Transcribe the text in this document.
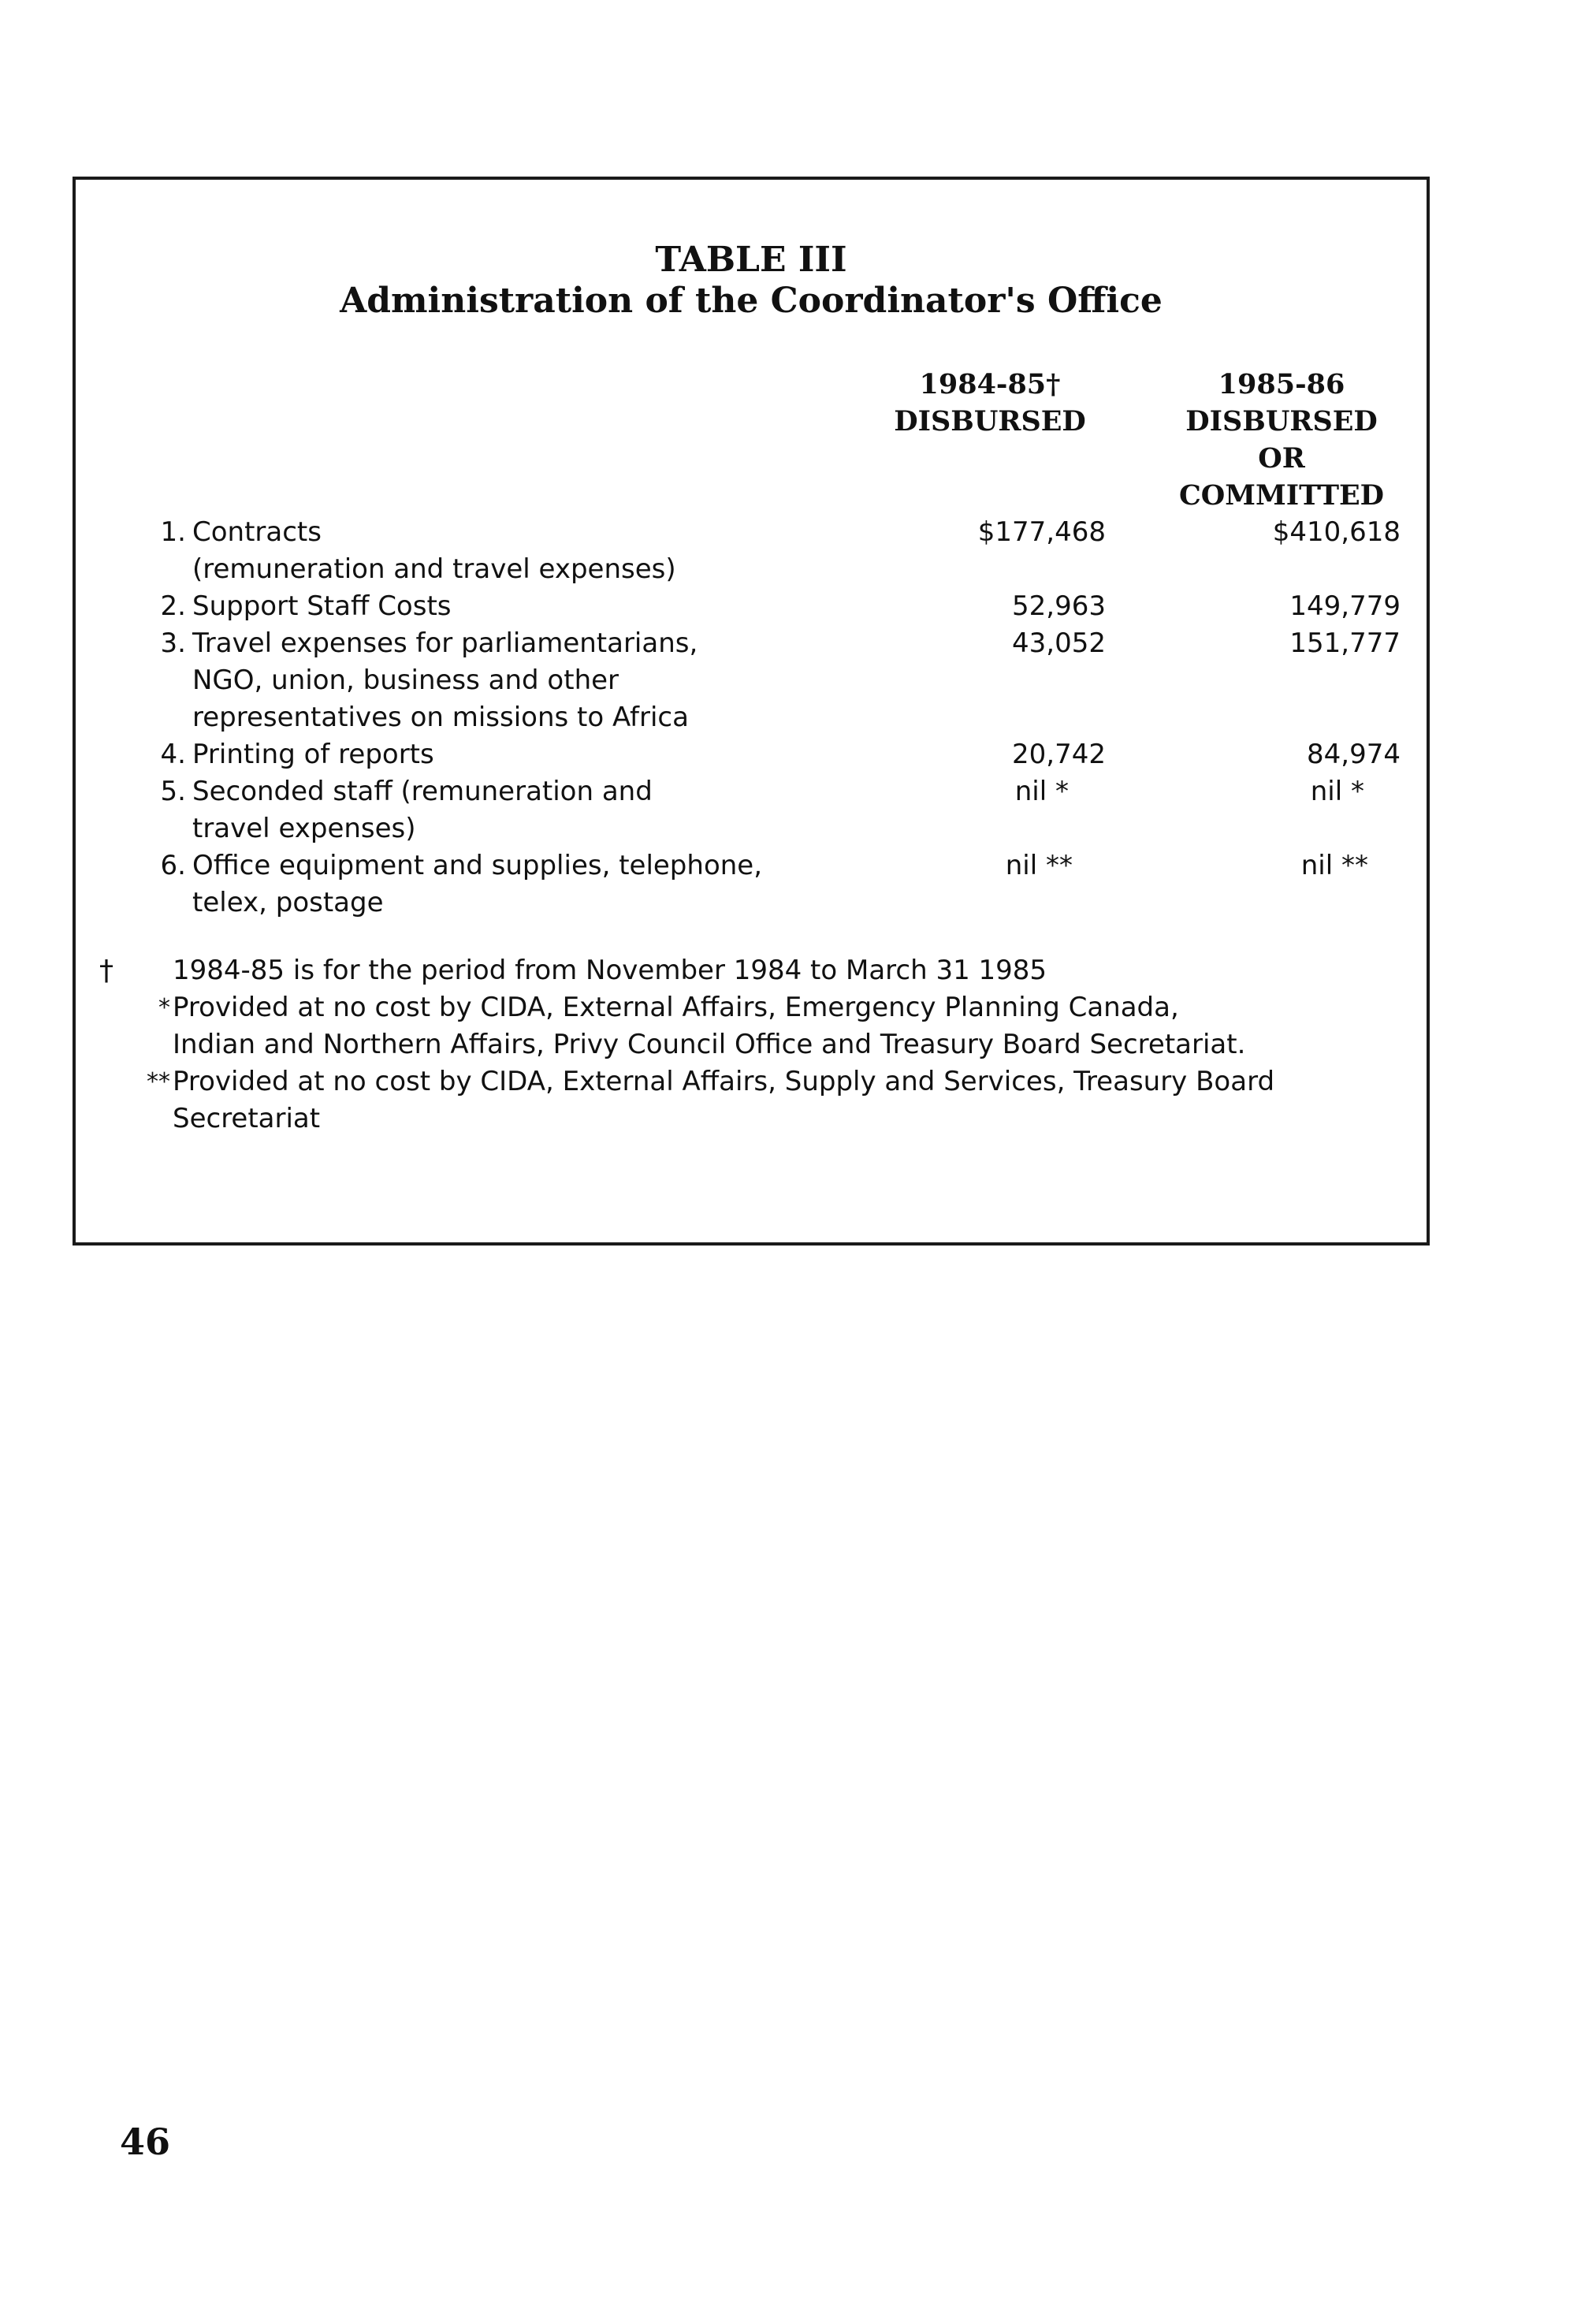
TABLE III
Administration of the Coordinator's Office
1984-85†
DISBURSED
1985-86
DISBURSED
OR
COMMITTED
1. Contracts
(remuneration and travel expenses)
$177,468	$410,618
2. Support Staff Costs	52,963	149,779
3. Travel expenses for parliamentarians,
NGO, union, business and other
representatives on missions to Africa
43,052	151,777
4. Printing of reports	20,742	84,974
5. Seconded staff (remuneration and
travel expenses)
nil *	nil *
6. Office equipment and supplies, telephone,
telex, postage
nil **	nil **
†	1984-85 is for the period from November 1984 to March 31 1985
* Provided at no cost by CIDA, External Affairs, Emergency Planning Canada,
Indian and Northern Affairs, Privy Council Office and Treasury Board Secretariat.
** Provided at no cost by CIDA, External Affairs, Supply and Services, Treasury Board
Secretariat
46
